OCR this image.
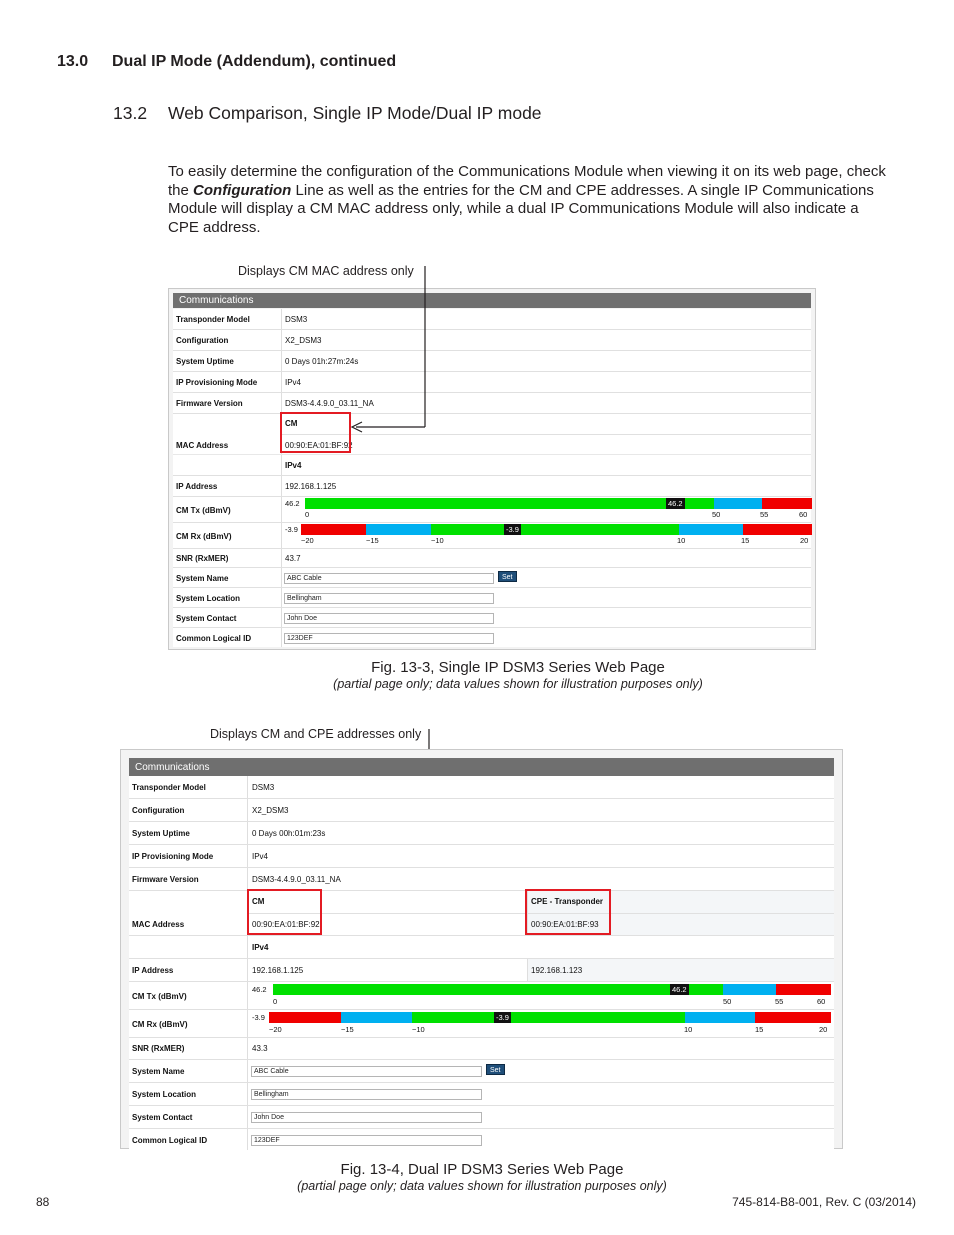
13.0 Dual IP Mode (Addendum), continued
13.2 Web Comparison, Single IP Mode/Dual IP mode

To easily determine the configuration of the Communications Module when viewing it on its web page, check the Configuration Line as well as the entries for the CM and CPE addresses. A single IP Communications Module will display a CM MAC address only, while a dual IP Communications Module will also indicate a CPE address.

Displays CM MAC address only
Communications
Transponder Model	DSM3
Configuration	X2_DSM3
System Uptime	0 Days 01h:27m:24s
IP Provisioning Mode	IPv4
Firmware Version	DSM3-4.4.9.0_03.11_NA
CM
MAC Address	00:90:EA:01:BF:92
IPv4
IP Address	192.168.1.125
CM Tx (dBmV)
46.2	46.2
0	50	55	60
CM Rx (dBmV)
-3.9	-3.9
−20	−15	−10	10	15	20
SNR (RxMER)	43.7
System Name	ABC Cable	Set
System Location	Bellingham
System Contact	John Doe
Common Logical ID	123DEF
Fig. 13-3, Single IP DSM3 Series Web Page
(partial page only; data values shown for illustration purposes only)
Displays CM and CPE addresses only
Communications
Transponder Model	DSM3
Configuration	X2_DSM3
System Uptime	0 Days 00h:01m:23s
IP Provisioning Mode	IPv4
Firmware Version	DSM3-4.4.9.0_03.11_NA
CM	CPE - Transponder
MAC Address	00:90:EA:01:BF:92	00:90:EA:01:BF:93
IPv4
IP Address	192.168.1.125	192.168.1.123
CM Tx (dBmV)
46.2	46.2
0	50	55	60
CM Rx (dBmV)
-3.9	-3.9
−20	−15	−10	10	15	20
SNR (RxMER)	43.3
System Name	ABC Cable	Set
System Location	Bellingham
System Contact	John Doe
Common Logical ID	123DEF
Fig. 13-4, Dual IP DSM3 Series Web Page
(partial page only; data values shown for illustration purposes only)
88	745-814-B8-001, Rev. C (03/2014)
